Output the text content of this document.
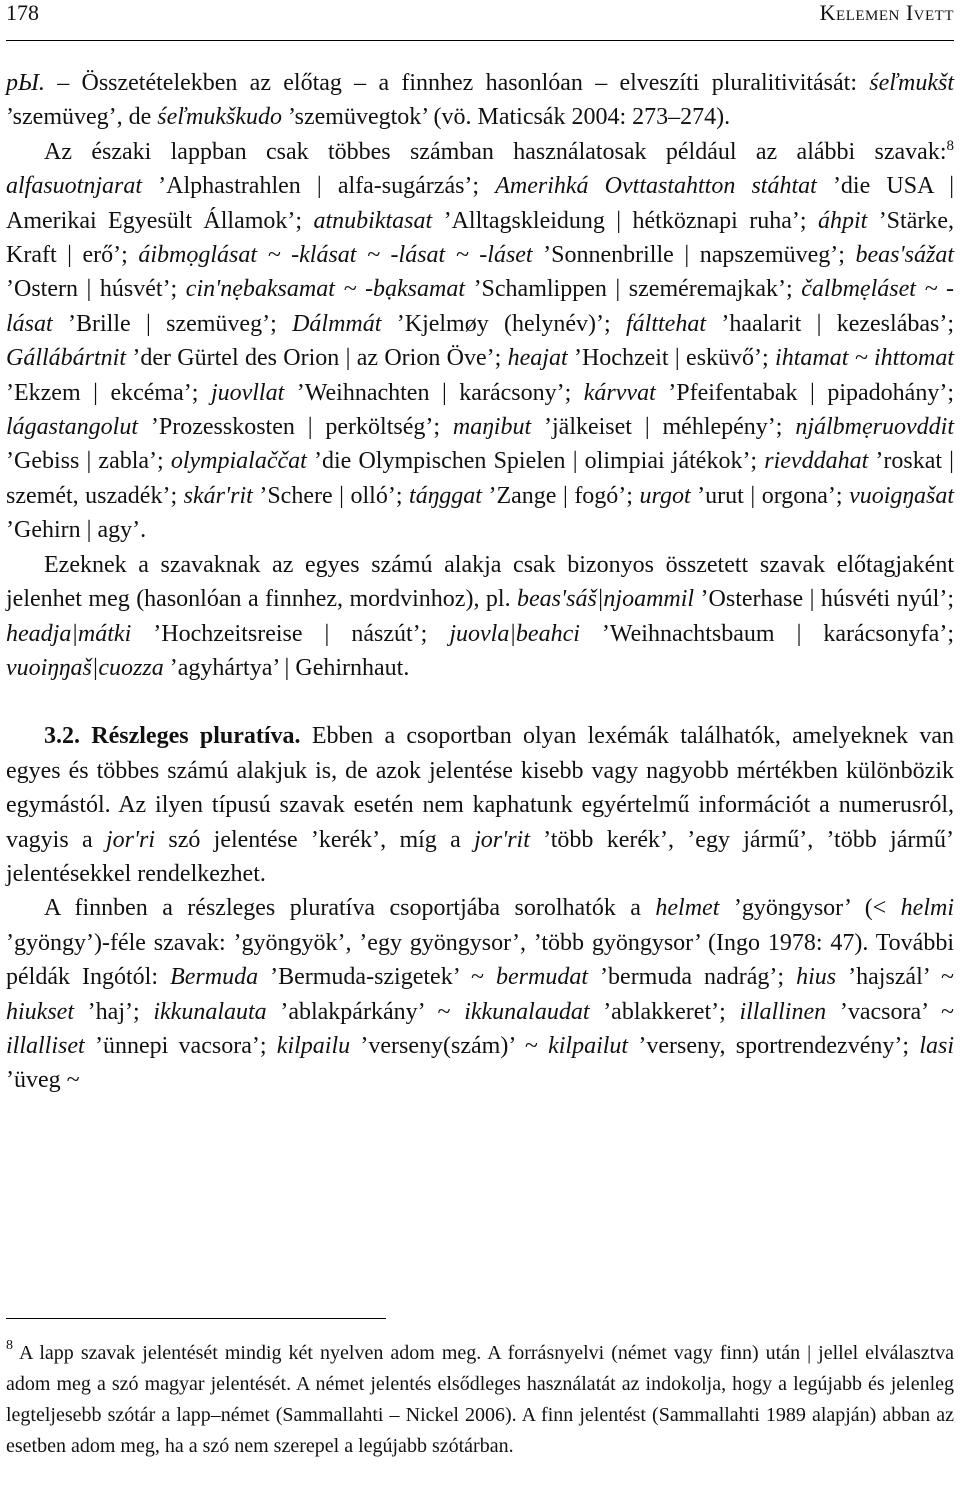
178	Kelemen Ivett

рЫ. – Összetételekben az előtag – a finnhez hasonlóan – elveszíti pluralitivitását: śeľmukšt ’szemüveg’, de śeľmukškudo ’szemüvegtok’ (vö. Maticsák 2004: 273–274).

Az északi lappban csak többes számban használatosak például az alábbi szavak:$^8$ alfasuotnjarat ’Alphastrahlen | alfa-sugárzás’; Amerihká Ovttastahtton stáhtat ’die USA | Amerikai Egyesült Államok’; atnubiktasat ’Alltagskleidung | hétköznapi ruha’; áhpit ’Stärke, Kraft | erő’; áibmọglásat ~ -klásat ~ -lásat ~ -láset ’Sonnenbrille | napszemüveg’; beas'sážat ’Ostern | húsvét’; cin'nẹbaksamat ~ -bạksamat ’Schamlippen | szeméremajkak’; čalbmẹláset ~ -lásat ’Brille | szemüveg’; Dálmmát ’Kjelmøy (helynév)’; fálttehat ’haalarit | kezeslábas’; Gállábártnit ’der Gürtel des Orion | az Orion Öve’; heajat ’Hochzeit | esküvő’; ihtamat ~ ihttomat ’Ekzem | ekcéma’; juovllat ’Weihnachten | karácsony’; kárvvat ’Pfeifentabak | pipadohány’; lágastangolut ’Prozesskosten | perköltség’; maŋibut ’jälkeiset | méhlepény’; njálbmẹruovddit ’Gebiss | zabla’; olympialaččat ’die Olympischen Spielen | olimpiai játékok’; rievddahat ’roskat | szemét, uszadék’; skár'rit ’Schere | olló’; táŋggat ’Zange | fogó’; urgot ’urut | orgona’; vuoigŋašat ’Gehirn | agy’.

Ezeknek a szavaknak az egyes számú alakja csak bizonyos összetett szavak előtagjaként jelenhet meg (hasonlóan a finnhez, mordvinhoz), pl. beas'sáš|njoammil ’Osterhase | húsvéti nyúl’; headja|mátki ’Hochzeitsreise | nászút’; juovla|beahci ’Weihnachtsbaum | karácsonyfa’; vuoiŋŋaš|cuozza ’agyhártya’ | Gehirnhaut.

3.2. Részleges pluratíva. Ebben a csoportban olyan lexémák találhatók, amelyeknek van egyes és többes számú alakjuk is, de azok jelentése kisebb vagy nagyobb mértékben különbözik egymástól. Az ilyen típusú szavak esetén nem kaphatunk egyértelmű információt a numerusról, vagyis a jor'ri szó jelentése ’kerék’, míg a jor'rit ’több kerék’, ’egy jármű’, ’több jármű’ jelentésekkel rendelkezhet.

A finnben a részleges pluratíva csoportjába sorolhatók a helmet ’gyöngysor’ (< helmi ’gyöngy’)-féle szavak: ’gyöngyök’, ’egy gyöngysor’, ’több gyöngysor’ (Ingo 1978: 47). További példák Ingótól: Bermuda ’Bermuda-szigetek’ ~ bermudat ’bermuda nadrág’; hius ’hajszál’ ~ hiukset ’haj’; ikkunalauta ’ablakpárkány’ ~ ikkunalaudat ’ablakkeret’; illallinen ’vacsora’ ~ illalliset ’ünnepi vacsora’; kilpailu ’verseny(szám)’ ~ kilpailut ’verseny, sportrendezvény’; lasi ’üveg ~

$^8$ A lapp szavak jelentését mindig két nyelven adom meg. A forrásnyelvi (német vagy finn) után | jellel elválasztva adom meg a szó magyar jelentését. A német jelentés elsődleges használatát az indokolja, hogy a legújabb és jelenleg legteljesebb szótár a lapp–német (Sammallahti – Nickel 2006). A finn jelentést (Sammallahti 1989 alapján) abban az esetben adom meg, ha a szó nem szerepel a legújabb szótárban.
